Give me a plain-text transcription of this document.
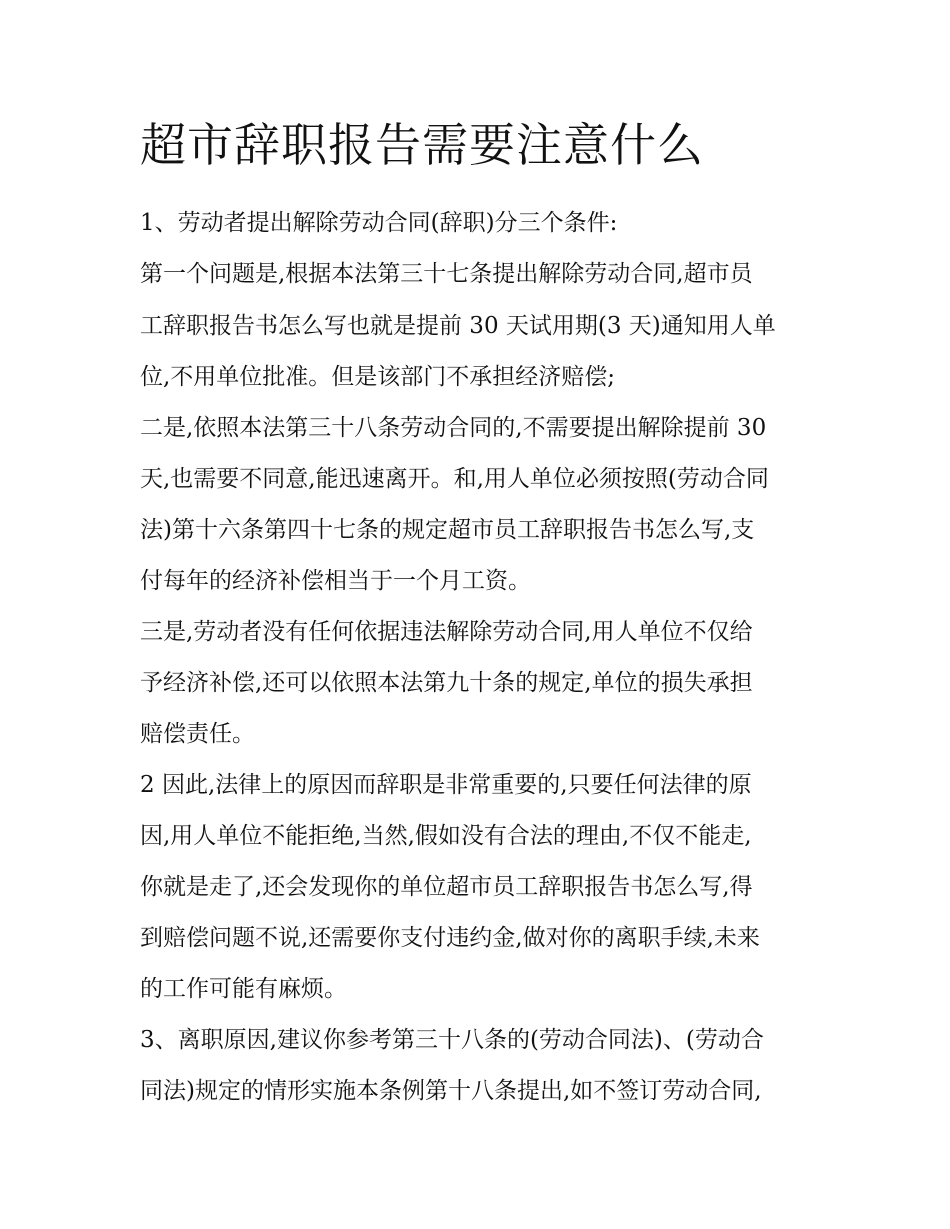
超市辞职报告需要注意什么
1、劳动者提出解除劳动合同(辞职)分三个条件:
第一个问题是,根据本法第三十七条提出解除劳动合同,超市员
工辞职报告书怎么写也就是提前 30 天试用期(3 天)通知用人单
位,不用单位批准。但是该部门不承担经济赔偿;
二是,依照本法第三十八条劳动合同的,不需要提出解除提前 30
天,也需要不同意,能迅速离开。和,用人单位必须按照(劳动合同
法)第十六条第四十七条的规定超市员工辞职报告书怎么写,支
付每年的经济补偿相当于一个月工资。
三是,劳动者没有任何依据违法解除劳动合同,用人单位不仅给
予经济补偿,还可以依照本法第九十条的规定,单位的损失承担
赔偿责任。
2 因此,法律上的原因而辞职是非常重要的,只要任何法律的原
因,用人单位不能拒绝,当然,假如没有合法的理由,不仅不能走,
你就是走了,还会发现你的单位超市员工辞职报告书怎么写,得
到赔偿问题不说,还需要你支付违约金,做对你的离职手续,未来
的工作可能有麻烦。
3、离职原因,建议你参考第三十八条的(劳动合同法)、(劳动合
同法)规定的情形实施本条例第十八条提出,如不签订劳动合同,
